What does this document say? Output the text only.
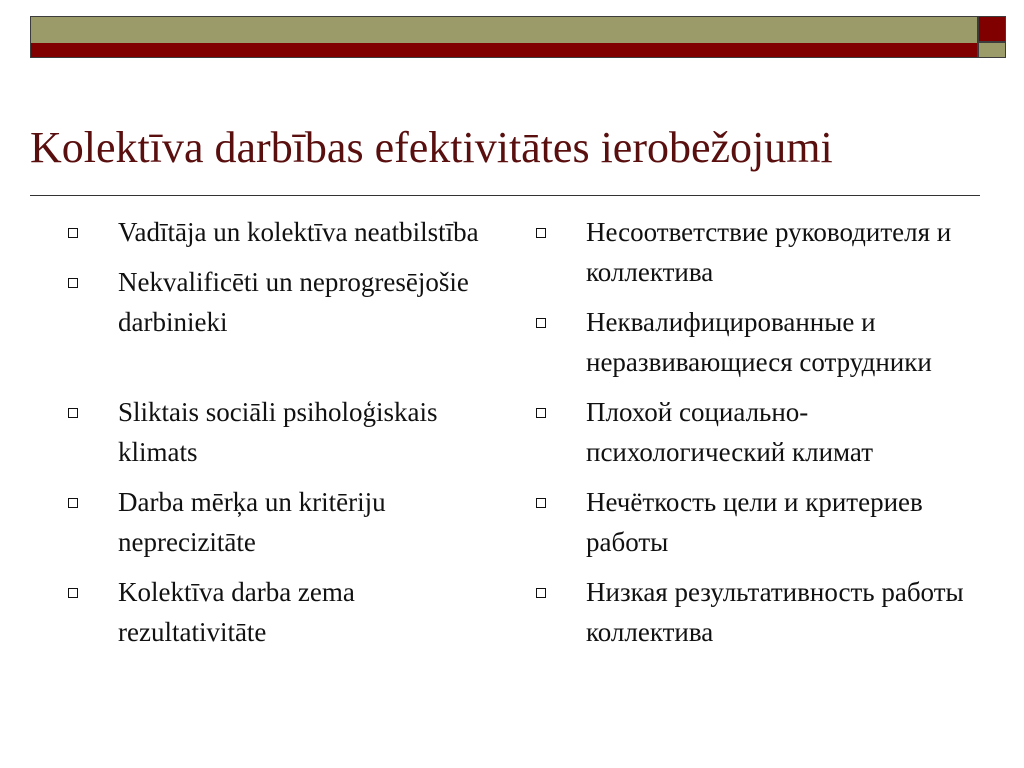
Kolektīva darbības efektivitātes ierobežojumi
Vadītāja un kolektīva neatbilstība
Nekvalificēti un neprogresējošie darbinieki
Sliktais sociāli psiholoģiskais klimats
Darba mērķa un kritēriju neprecizitāte
Kolektīva darba zema rezultativitāte
Несоответствие руководителя и коллектива
Неквалифицированные и неразвивающиеся сотрудники
Плохой социально-психологический климат
Нечёткость цели и критериев работы
Низкая результативность работы коллектива
